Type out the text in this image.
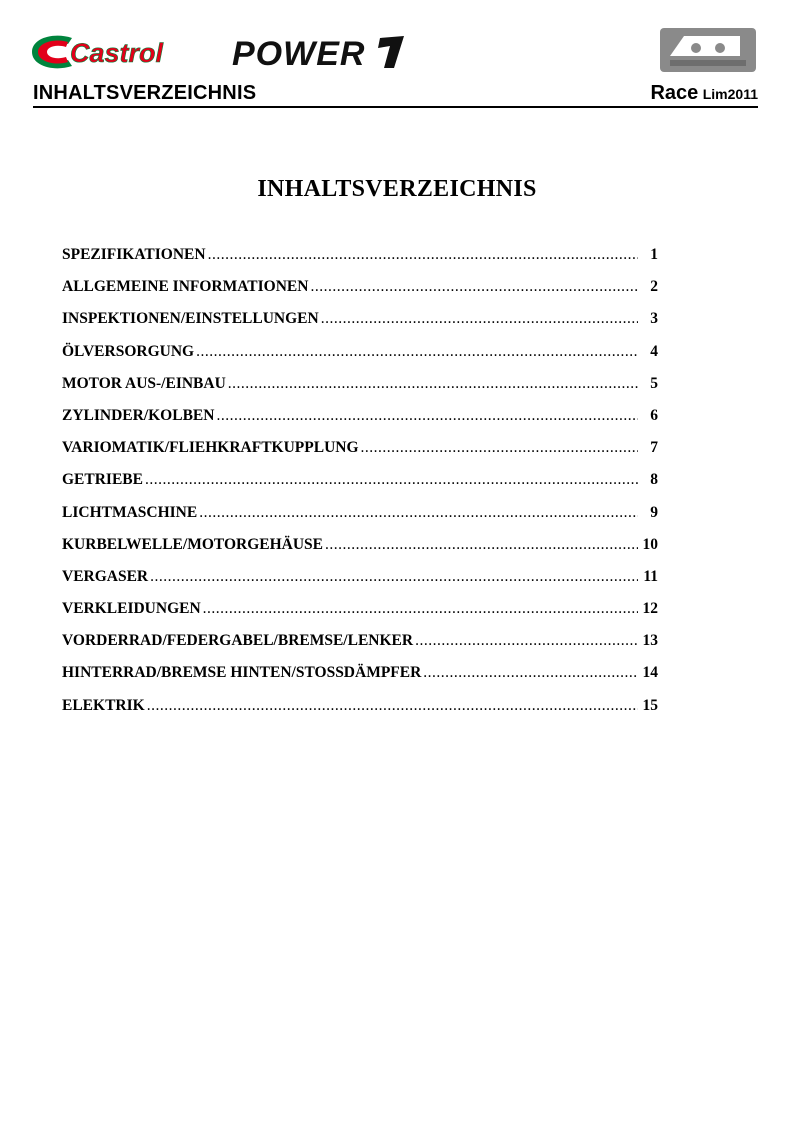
Castrol POWER
INHALTSVERZEICHNIS	Race Lim2011
INHALTSVERZEICHNIS
SPEZIFIKATIONEN .....	1
ALLGEMEINE INFORMATIONEN .....	2
INSPEKTIONEN/EINSTELLUNGEN .....	3
ÖLVERSORGUNG .....	4
MOTOR AUS-/EINBAU .....	5
ZYLINDER/KOLBEN .....	6
VARIOMATIK/FLIEHKRAFTKUPPLUNG .....	7
GETRIEBE .....	8
LICHTMASCHINE .....	9
KURBELWELLE/MOTORGEHÄUSE .....	10
VERGASER .....	11
VERKLEIDUNGEN .....	12
VORDERRAD/FEDERGABEL/BREMSE/LENKER .....	13
HINTERRAD/BREMSE HINTEN/STOSSDÄMPFER .....	14
ELEKTRIK .....	15
